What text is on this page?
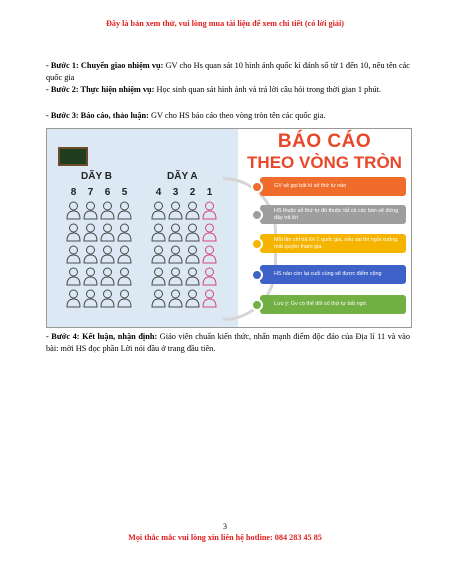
Đây là bản xem thử, vui lòng mua tài liệu để xem chi tiết (có lời giải)
- Bước 1: Chuyển giao nhiệm vụ: GV cho Hs quan sát 10 hình ảnh quốc kì đánh số từ 1 đến 10, nêu tên các quốc gia
- Bước 2: Thực hiện nhiệm vụ: Học sinh quan sát hình ảnh và trả lời câu hỏi trong thời gian 1 phút.
- Bước 3: Báo cáo, thảo luận: GV cho HS báo cáo theo vòng tròn tên các quốc gia.
DÃY B
8 7 6 5
DÃY A
4 3 2 1
BÁO CÁO
THEO VÒNG TRÒN
GV sẽ gọi bất kì số thứ tự nào
HS thuộc số thứ tự đó thuộc tất cả các bàn sẽ đứng dậy trả lời
Mỗi lần chỉ trả lời 1 quốc gia, nếu sai thì ngồi xuống, mất quyền tham gia.
HS nào còn lại cuối cùng sẽ được điểm cộng
Lưu ý: Gv có thể đổi số thứ tự bất ngờ.
- Bước 4: Kết luận, nhận định: Giáo viên chuẩn kiến thức, nhấn mạnh điểm độc đáo của Địa lí 11 và vào bài: mời HS đọc phần Lời nói đầu ở trang đầu tiên.
3
Mọi thắc mắc vui lòng xin liên hệ hotline: 084 283 45 85
